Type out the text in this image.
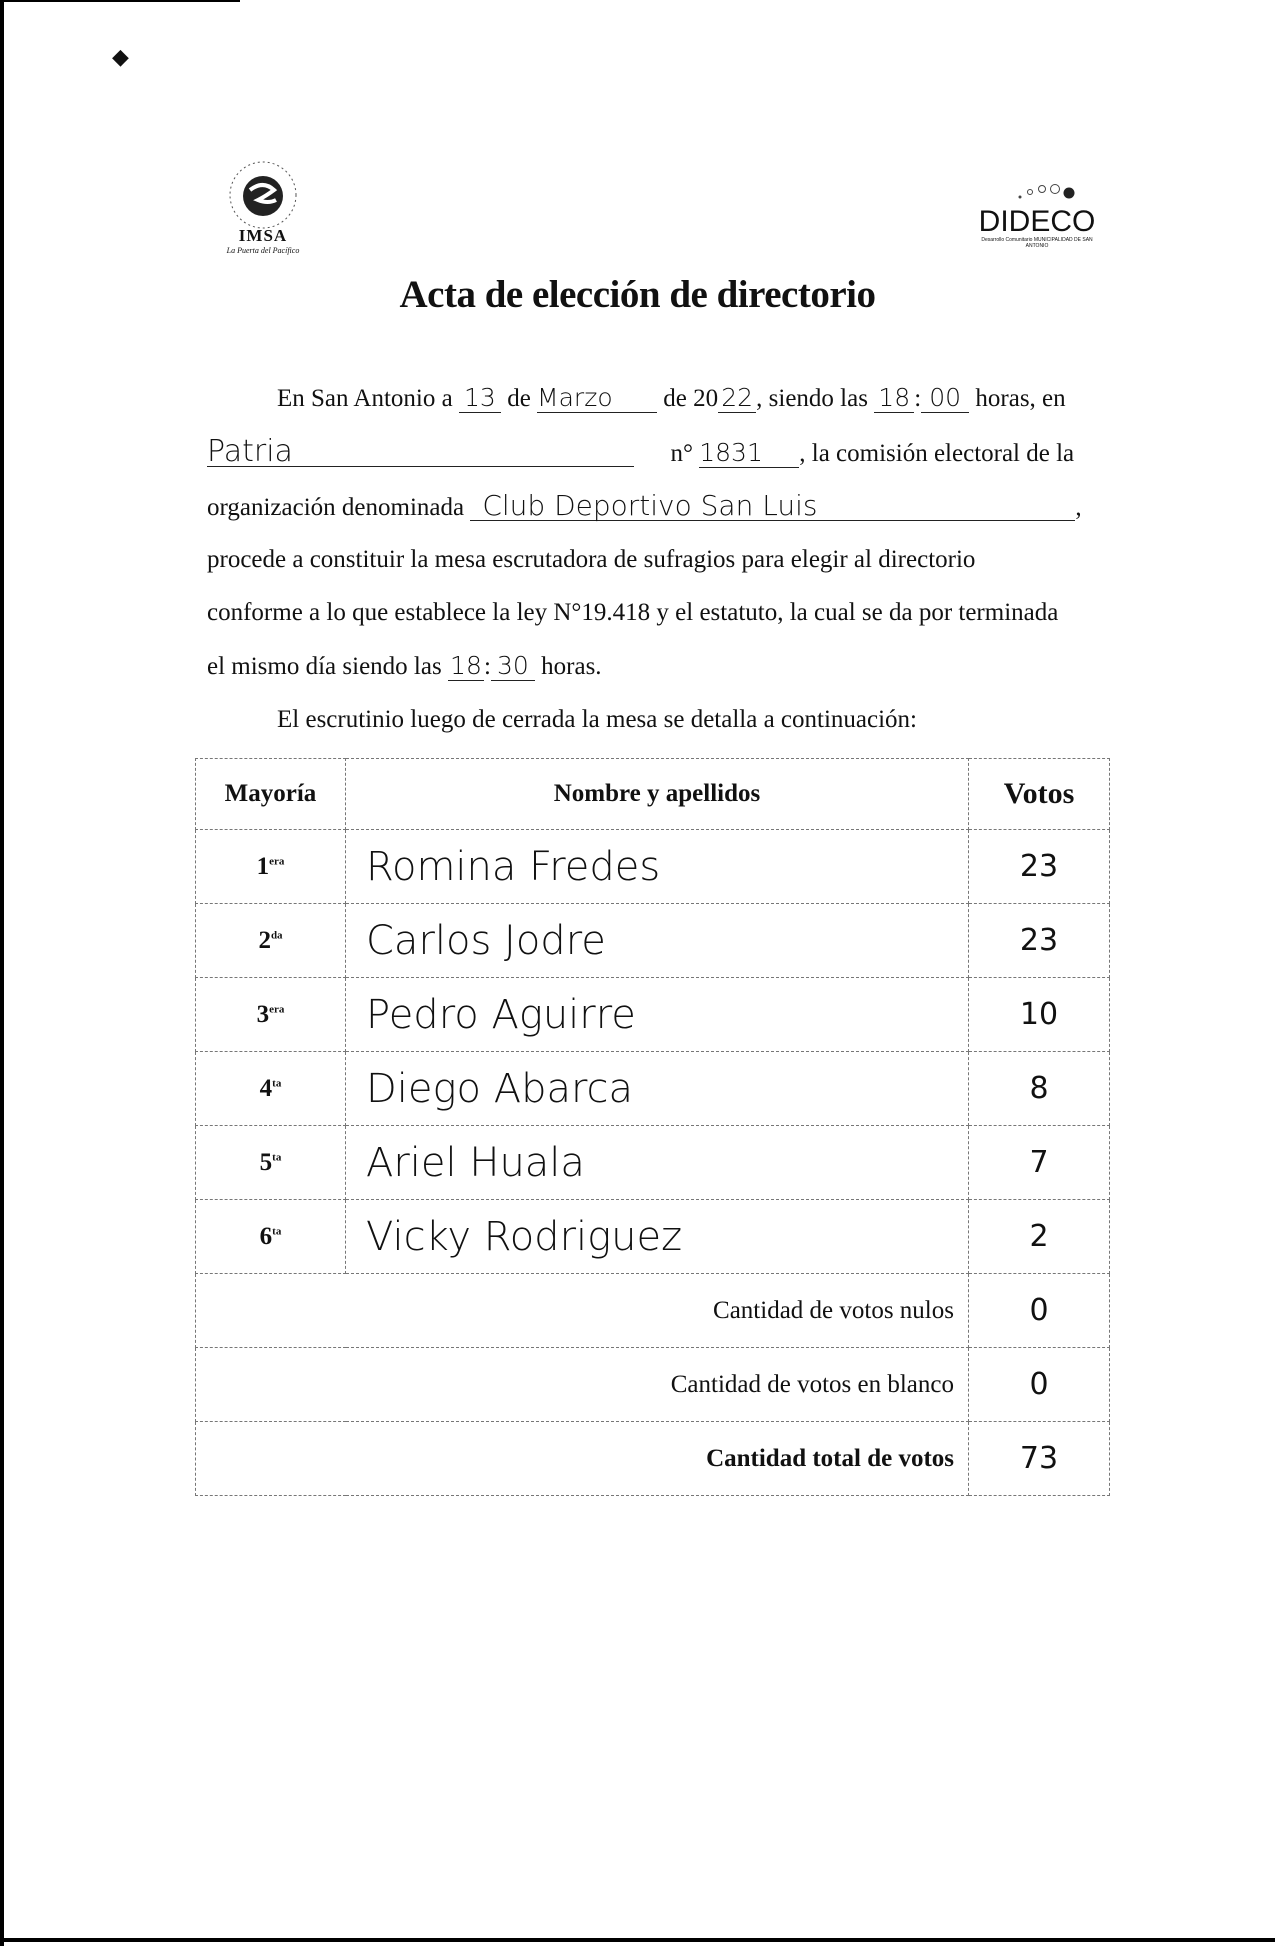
◆
IMSA
La Puerta del Pacífico
DIDECO
Desarrollo Comunitario MUNICIPALIDAD DE SAN ANTONIO
Acta de elección de directorio
En San Antonio a 13 de Marzo de 20 22 , siendo las 18 : 00 horas, en
Patria	n° 1831 , la comisión electoral de la
organización denominada Club Deportivo San Luis	,
procede a constituir la mesa escrutadora de sufragios para elegir al directorio
conforme a lo que establece la ley N°19.418 y el estatuto, la cual se da por terminada
el mismo día siendo las 18: 30 horas.
El escrutinio luego de cerrada la mesa se detalla a continuación:
Mayoría	Nombre y apellidos	Votos
$1^{era}$	Romina Fredes	23
$2^{da}$	Carlos Jodre	23
$3^{era}$	Pedro Aguirre	10
$4^{ta}$	Diego Abarca	8
$5^{ta}$	Ariel Huala	7
$6^{ta}$	Vicky Rodriguez	2
Cantidad de votos nulos		0
Cantidad de votos en blanco		0
Cantidad total de votos		73
